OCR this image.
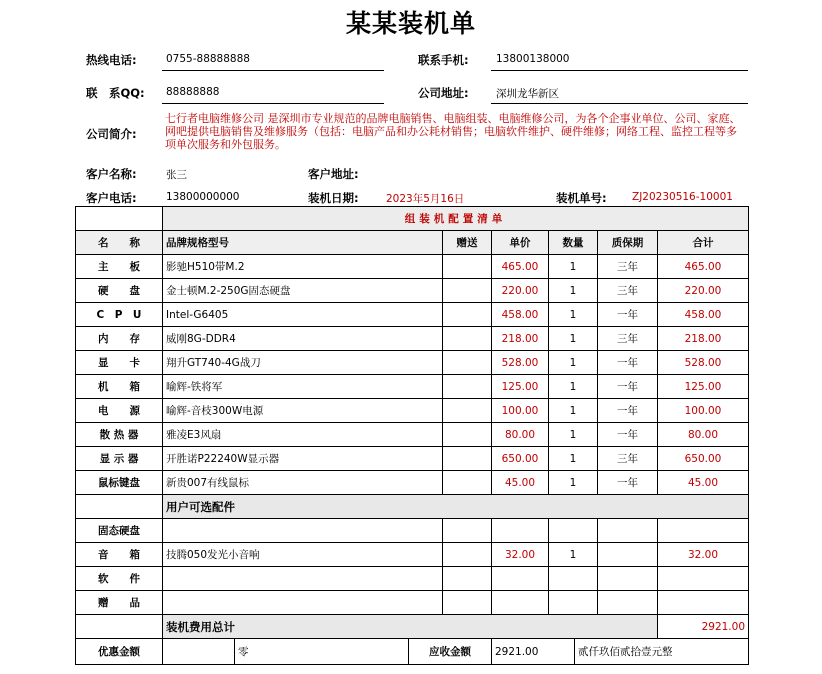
某某装机单
热线电话:	0755-88888888	联系手机:	13800138000
联　系QQ: 88888888	公司地址:	深圳龙华新区
公司简介:
七行者电脑维修公司 是深圳市专业规范的品牌电脑销售、电脑组装、电脑维修公司，为各个企事业单位、公司、家庭、网吧提供电脑销售及维修服务（包括：电脑产品和办公耗材销售；电脑软件维护、硬件维修；网络工程、监控工程等多项单次服务和外包服务。
客户名称:	张三	客户地址:
客户电话:	13800000000	装机日期:	2023年5月16日	装机单号: ZJ20230516-10001
	组装机配置清单					
名　　称	品牌规格型号	赠送	单价	数量	质保期	合计
主　　板	影驰H510带M.2		465.00	1	三年	465.00
硬　　盘	金士顿M.2-250G固态硬盘		220.00	1	三年	220.00
C　P　U	Intel-G6405		458.00	1	一年	458.00
内　　存	威刚8G-DDR4		218.00	1	三年	218.00
显　　卡	翔升GT740-4G战刀		528.00	1	一年	528.00
机　　箱	喻辉-铁将军		125.00	1	一年	125.00
电　　源	喻辉-音枝300W电源		100.00	1	一年	100.00
散 热 器	雅凌E3风扇		80.00	1	一年	80.00
显 示 器	开胜诺P22240W显示器		650.00	1	三年	650.00
鼠标键盘	新贵007有线鼠标		45.00	1	一年	45.00
	用户可选配件					
固态硬盘						
音　　箱	技腾050发光小音响		32.00	1		32.00
软　　件						
赠　　品						
	装机费用总计					2921.00
优惠金额		零	应收金额	2921.00	贰仟玖佰贰拾壹元整
